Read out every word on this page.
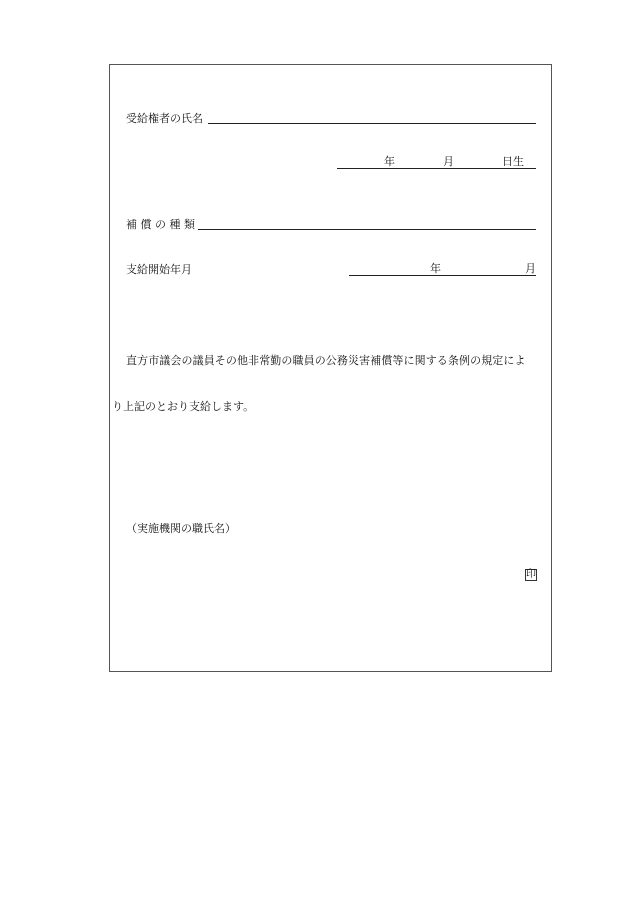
受給権者の氏名
年	月	日生
補 償 の 種 類
支給開始年月	年	月
直方市議会の議員その他非常勤の職員の公務災害補償等に関する条例の規定によ
り上記のとおり支給します。
（実施機関の職氏名）
印
